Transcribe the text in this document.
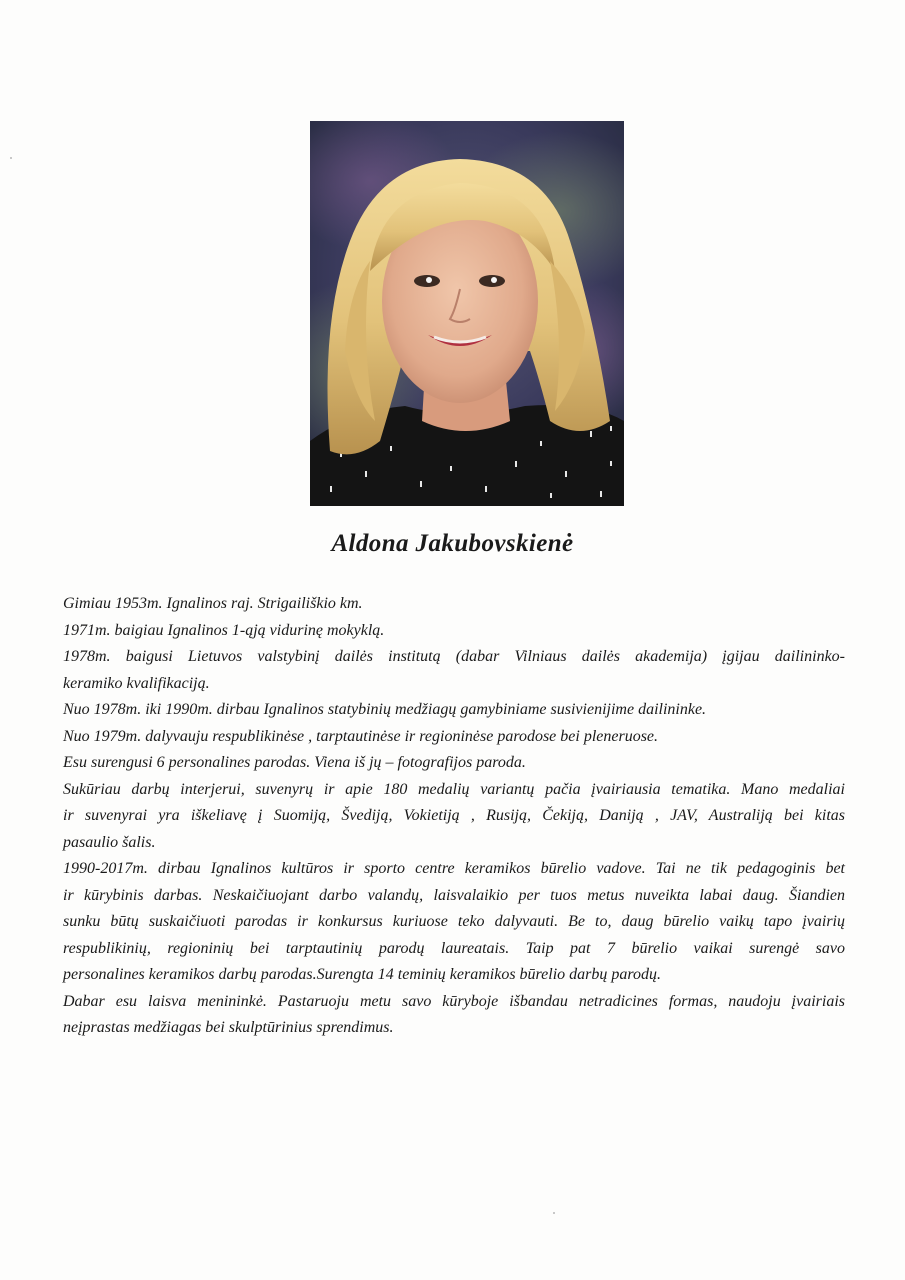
Aldona Jakubovskienė
Gimiau 1953m. Ignalinos raj. Strigailiškio km.
1971m. baigiau Ignalinos 1-ąją vidurinę mokyklą.
1978m. baigusi Lietuvos valstybinį dailės institutą (dabar Vilniaus dailės akademija) įgijau dailininko-
keramiko kvalifikaciją.
Nuo 1978m. iki 1990m. dirbau Ignalinos statybinių medžiagų gamybiniame susivienijime dailininke.
Nuo 1979m. dalyvauju respublikinėse , tarptautinėse ir regioninėse parodose bei pleneruose.
Esu surengusi 6 personalines parodas. Viena iš jų – fotografijos paroda.
Sukūriau darbų interjerui, suvenyrų ir apie 180 medalių variantų pačia įvairiausia tematika. Mano medaliai
ir suvenyrai yra iškeliavę į Suomiją, Švediją, Vokietiją , Rusiją, Čekiją, Daniją , JAV, Australiją bei kitas
pasaulio šalis.
1990-2017m. dirbau Ignalinos kultūros ir sporto centre keramikos būrelio vadove. Tai ne tik pedagoginis bet
ir kūrybinis darbas. Neskaičiuojant darbo valandų, laisvalaikio per tuos metus nuveikta labai daug. Šiandien
sunku būtų suskaičiuoti parodas ir konkursus kuriuose teko dalyvauti. Be to, daug būrelio vaikų tapo įvairių
respublikinių, regioninių bei tarptautinių parodų laureatais. Taip pat 7 būrelio vaikai surengė savo
personalines keramikos darbų parodas.Surengta 14 teminių keramikos būrelio darbų parodų.
Dabar esu laisva menininkė. Pastaruoju metu savo kūryboje išbandau netradicines formas, naudoju įvairiais
neįprastas medžiagas bei skulptūrinius sprendimus.
